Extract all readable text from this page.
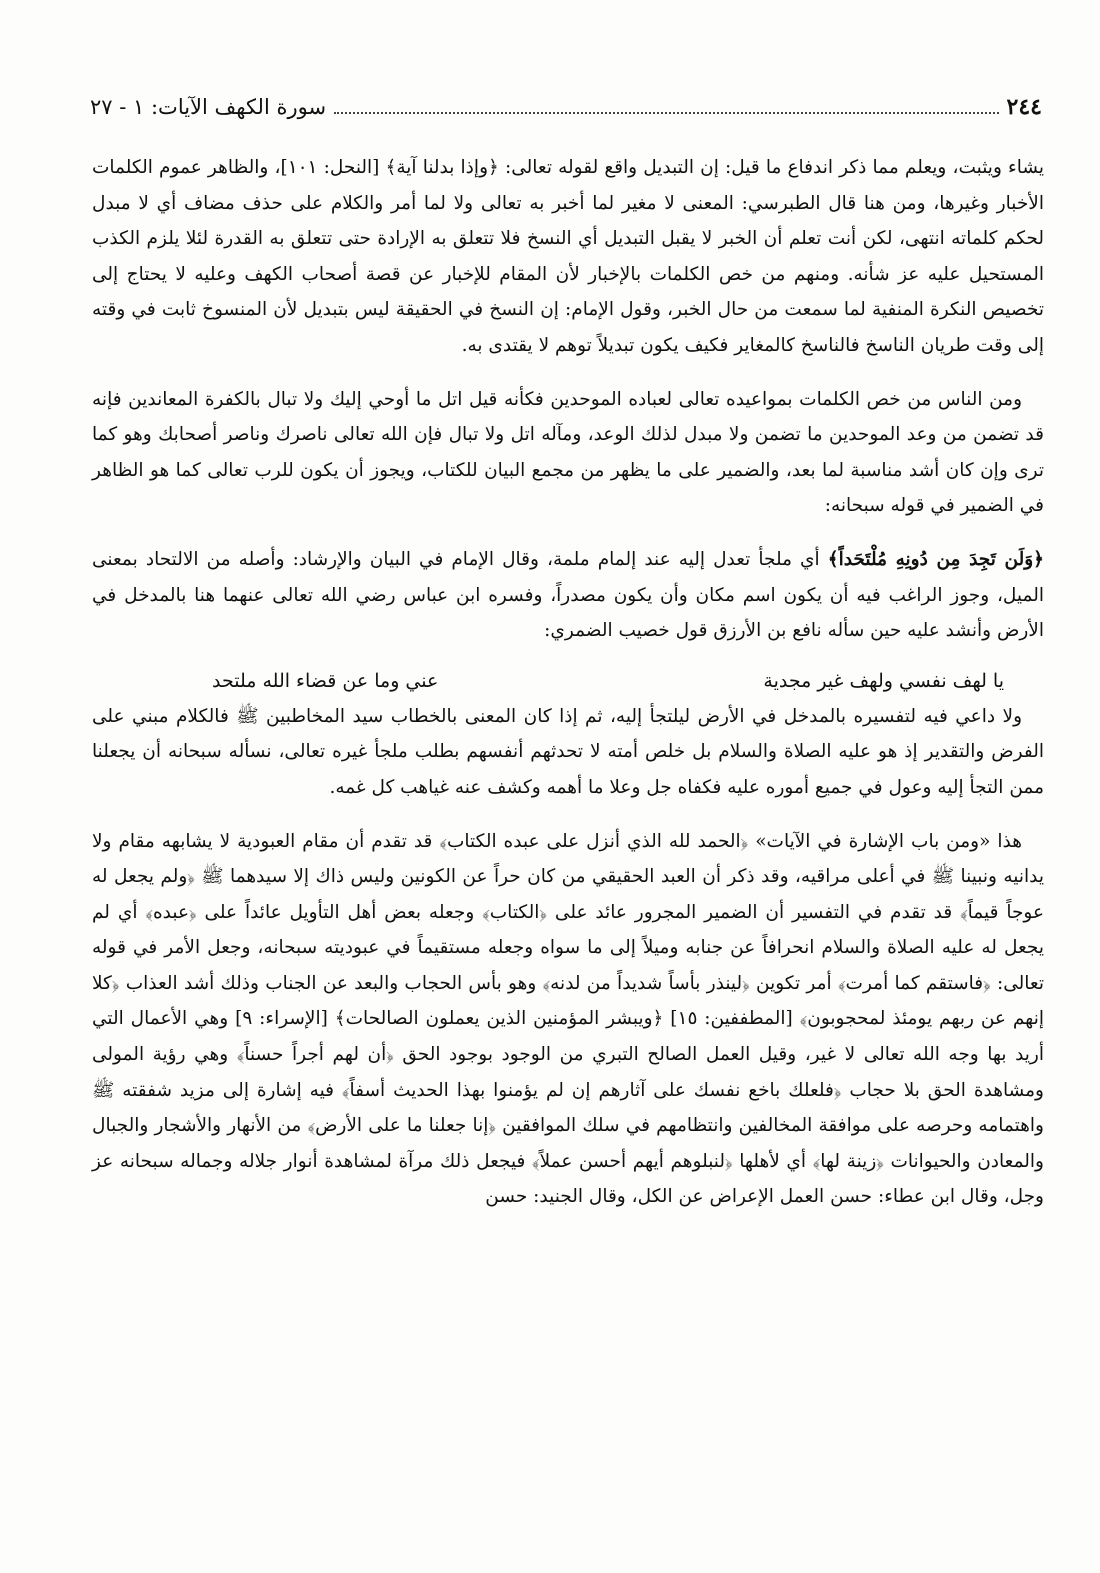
٢٤٤
سورة الكهف الآيات: ١ - ٢٧

يشاء ويثبت، ويعلم مما ذكر اندفاع ما قيل: إن التبديل واقع لقوله تعالى: ﴿وإذا بدلنا آية﴾ [النحل: ١٠١]، والظاهر عموم الكلمات الأخبار وغيرها، ومن هنا قال الطبرسي: المعنى لا مغير لما أخبر به تعالى ولا لما أمر والكلام على حذف مضاف أي لا مبدل لحكم كلماته انتهى، لكن أنت تعلم أن الخبر لا يقبل التبديل أي النسخ فلا تتعلق به الإرادة حتى تتعلق به القدرة لئلا يلزم الكذب المستحيل عليه عز شأنه. ومنهم من خص الكلمات بالإخبار لأن المقام للإخبار عن قصة أصحاب الكهف وعليه لا يحتاج إلى تخصيص النكرة المنفية لما سمعت من حال الخبر، وقول الإمام: إن النسخ في الحقيقة ليس بتبديل لأن المنسوخ ثابت في وقته إلى وقت طريان الناسخ فالناسخ كالمغاير فكيف يكون تبديلاً توهم لا يقتدى به.

ومن الناس من خص الكلمات بمواعيده تعالى لعباده الموحدين فكأنه قيل اتل ما أوحي إليك ولا تبال بالكفرة المعاندين فإنه قد تضمن من وعد الموحدين ما تضمن ولا مبدل لذلك الوعد، ومآله اتل ولا تبال فإن الله تعالى ناصرك وناصر أصحابك وهو كما ترى وإن كان أشد مناسبة لما بعد، والضمير على ما يظهر من مجمع البيان للكتاب، ويجوز أن يكون للرب تعالى كما هو الظاهر في الضمير في قوله سبحانه:

﴿وَلَن تَجِدَ مِن دُونِهِ مُلْتَحَداً﴾ أي ملجأ تعدل إليه عند إلمام ملمة، وقال الإمام في البيان والإرشاد: وأصله من الالتحاد بمعنى الميل، وجوز الراغب فيه أن يكون اسم مكان وأن يكون مصدراً، وفسره ابن عباس رضي الله تعالى عنهما هنا بالمدخل في الأرض وأنشد عليه حين سأله نافع بن الأرزق قول خصيب الضمري:

يا لهف نفسي ولهف غير مجدية
عني وما عن قضاء الله ملتحد

ولا داعي فيه لتفسيره بالمدخل في الأرض ليلتجأ إليه، ثم إذا كان المعنى بالخطاب سيد المخاطبين ﷺ فالكلام مبني على الفرض والتقدير إذ هو عليه الصلاة والسلام بل خلص أمته لا تحدثهم أنفسهم بطلب ملجأ غيره تعالى، نسأله سبحانه أن يجعلنا ممن التجأ إليه وعول في جميع أموره عليه فكفاه جل وعلا ما أهمه وكشف عنه غياهب كل غمه.

هذا «ومن باب الإشارة في الآيات» ﴿الحمد لله الذي أنزل على عبده الكتاب﴾ قد تقدم أن مقام العبودية لا يشابهه مقام ولا يدانيه ونبينا ﷺ في أعلى مراقيه، وقد ذكر أن العبد الحقيقي من كان حراً عن الكونين وليس ذاك إلا سيدهما ﷺ ﴿ولم يجعل له عوجاً قيماً﴾ قد تقدم في التفسير أن الضمير المجرور عائد على ﴿الكتاب﴾ وجعله بعض أهل التأويل عائداً على ﴿عبده﴾ أي لم يجعل له عليه الصلاة والسلام انحرافاً عن جنابه وميلاً إلى ما سواه وجعله مستقيماً في عبوديته سبحانه، وجعل الأمر في قوله تعالى: ﴿فاستقم كما أمرت﴾ أمر تكوين ﴿لينذر بأساً شديداً من لدنه﴾ وهو بأس الحجاب والبعد عن الجناب وذلك أشد العذاب ﴿كلا إنهم عن ربهم يومئذ لمحجوبون﴾ [المطففين: ١٥] ﴿ويبشر المؤمنين الذين يعملون الصالحات﴾ [الإسراء: ٩] وهي الأعمال التي أريد بها وجه الله تعالى لا غير، وقيل العمل الصالح التبري من الوجود بوجود الحق ﴿أن لهم أجراً حسناً﴾ وهي رؤية المولى ومشاهدة الحق بلا حجاب ﴿فلعلك باخع نفسك على آثارهم إن لم يؤمنوا بهذا الحديث أسفاً﴾ فيه إشارة إلى مزيد شفقته ﷺ واهتمامه وحرصه على موافقة المخالفين وانتظامهم في سلك الموافقين ﴿إنا جعلنا ما على الأرض﴾ من الأنهار والأشجار والجبال والمعادن والحيوانات ﴿زينة لها﴾ أي لأهلها ﴿لنبلوهم أيهم أحسن عملاً﴾ فيجعل ذلك مرآة لمشاهدة أنوار جلاله وجماله سبحانه عز وجل، وقال ابن عطاء: حسن العمل الإعراض عن الكل، وقال الجنيد: حسن
